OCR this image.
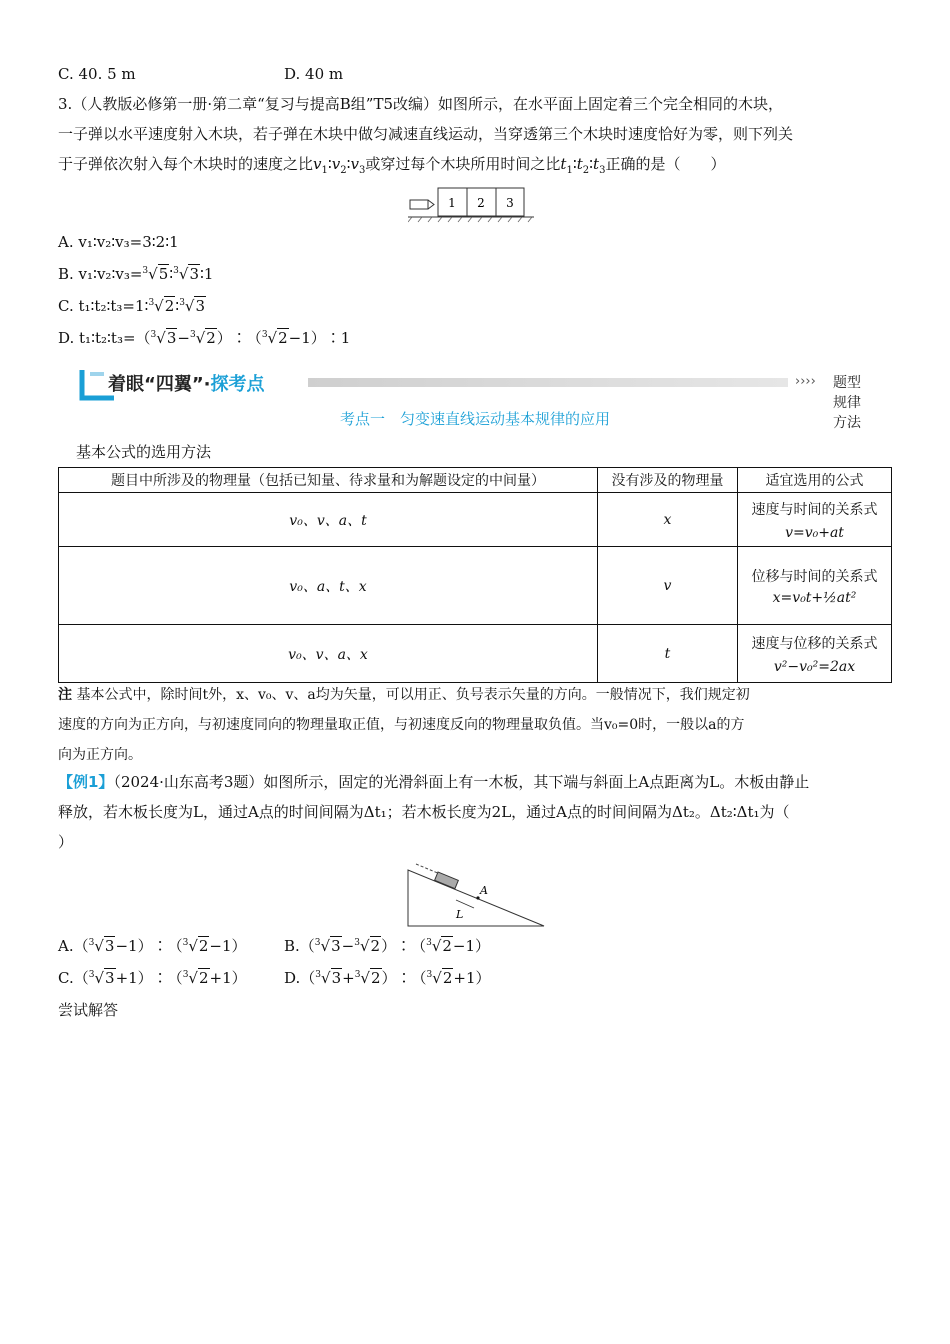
C. 40. 5 m	D. 40 m
3.（人教版必修第一册·第二章“复习与提高B组”T5改编）如图所示，在水平面上固定着三个完全相同的木块，
一子弹以水平速度射入木块，若子弹在木块中做匀减速直线运动，当穿透第三个木块时速度恰好为零，则下列关
于子弹依次射入每个木块时的速度之比$v_1∶v_2∶v_3$或穿过每个木块所用时间之比$t_1∶t_2∶t_3$正确的是（　　）
1 2 3
A. v₁∶v₂∶v₃=3∶2∶1
B. v₁∶v₂∶v₃=$^3$√5∶$^3$√3∶1
C. t₁∶t₂∶t₃=1∶$^3$√2∶$^3$√3
D. t₁∶t₂∶t₃=（$^3$√3−$^3$√2）∶（$^3$√2−1）∶1
着眼“四翼”·探考点	›››› 题型 规律 方法
考点一　匀变速直线运动基本规律的应用
基本公式的选用方法
题目中所涉及的物理量（包括已知量、待求量和为解题设定的中间量）	没有涉及的物理量	适宜选用的公式
v₀、v、a、t	x	速度与时间的关系式
v=v₀+at

v₀、a、t、x	v	位移与时间的关系式
x=v₀t+½at²

v₀、v、a、x	t	速度与位移的关系式
v²−v₀²=2ax
注 基本公式中，除时间t外，x、v₀、v、a均为矢量，可以用正、负号表示矢量的方向。一般情况下，我们规定初
速度的方向为正方向，与初速度同向的物理量取正值，与初速度反向的物理量取负值。当v₀=0时，一般以a的方
向为正方向。
【例1】（2024·山东高考3题）如图所示，固定的光滑斜面上有一木板，其下端与斜面上A点距离为L。木板由静止
释放，若木板长度为L，通过A点的时间间隔为Δt₁；若木板长度为2L，通过A点的时间间隔为Δt₂。Δt₂∶Δt₁为（
）
A
L
A.（$^3$√3−1）∶（$^3$√2−1） B.（$^3$√3−$^3$√2）∶（$^3$√2−1）
C.（$^3$√3+1）∶（$^3$√2+1） D.（$^3$√3+$^3$√2）∶（$^3$√2+1）
尝试解答
